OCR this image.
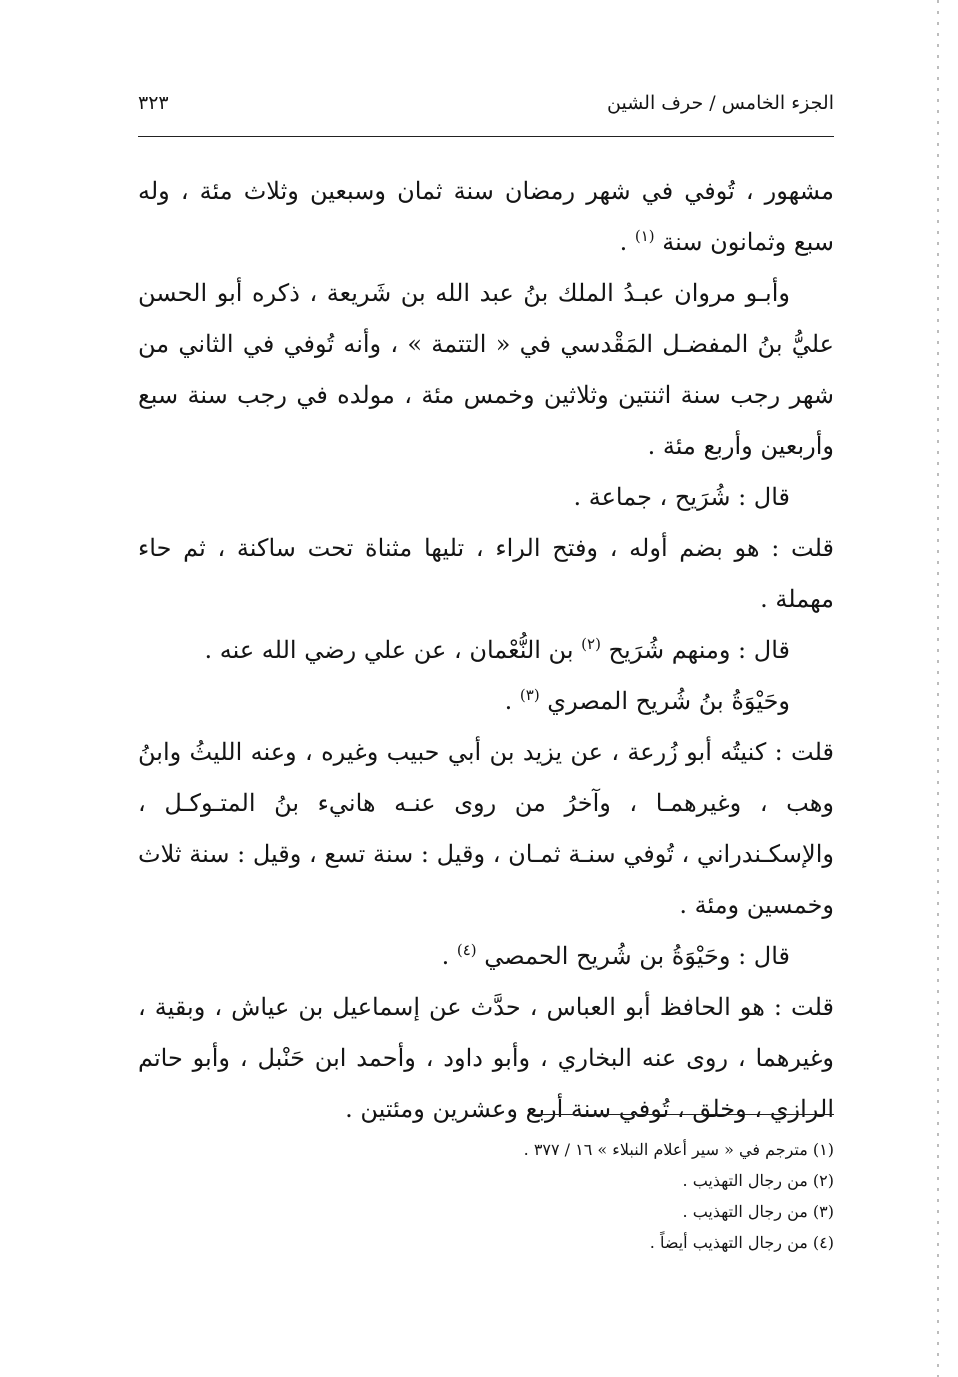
الجزء الخامس / حرف الشين
٣٢٣

مشهور ، تُوفي في شهر رمضان سنة ثمان وسبعين وثلاث مئة ، وله سبع وثمانون سنة $^{(١)}$ .

وأبـو مروان عبـدُ الملك بنُ عبد الله بن شَريعة ، ذكره أبو الحسن عليُّ بنُ المفضـل المَقْدسي في « التتمة » ، وأنه تُوفي في الثاني من شهر رجب سنة اثنتين وثلاثين وخمس مئة ، مولده في رجب سنة سبع وأربعين وأربع مئة .

قال : شُرَيح ، جماعة .

قلت : هو بضم أوله ، وفتح الراء ، تليها مثناة تحت ساكنة ، ثم حاء مهملة .

قال : ومنهم شُرَيح $^{(٢)}$ بن النُّعْمان ، عن علي رضي الله عنه .

وحَيْوَةُ بنُ شُريح المصري $^{(٣)}$ .

قلت : كنيتُه أبو زُرعة ، عن يزيد بن أبي حبيب وغيره ، وعنه الليثُ وابنُ وهب ، وغيرهمـا ، وآخرُ من روى عنـه هانيء بنُ المتـوكـل ، والإسكـندراني ، تُوفي سنـة ثمـان ، وقيل : سنة تسع ، وقيل : سنة ثلاث وخمسين ومئة .

قال : وحَيْوَةُ بن شُريح الحمصي $^{(٤)}$ .

قلت : هو الحافظ أبو العباس ، حدَّث عن إسماعيل بن عياش ، وبقية ، وغيرهما ، روى عنه البخاري ، وأبو داود ، وأحمد ابن حَنْبل ، وأبو حاتم الرازي ، وخلق ، تُوفي سنة أربع وعشرين ومئتين .

(١) مترجم في « سير أعلام النبلاء » ١٦ / ٣٧٧ .

(٢) من رجال التهذيب .

(٣) من رجال التهذيب .

(٤) من رجال التهذيب أيضاً .
